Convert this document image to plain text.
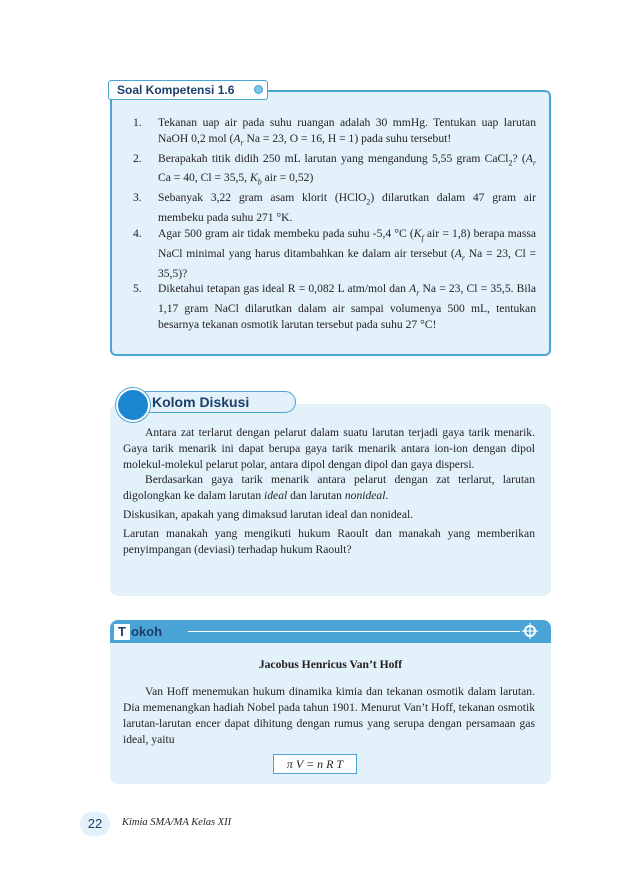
Soal Kompetensi 1.6
1. Tekanan uap air pada suhu ruangan adalah 30 mmHg. Tentukan uap larutan NaOH 0,2 mol ($A_r$ Na = 23, O = 16, H = 1) pada suhu tersebut!
2. Berapakah titik didih 250 mL larutan yang mengandung 5,55 gram CaCl$_2$? ($A_r$ Ca = 40, Cl = 35,5, $K_b$ air = 0,52)
3. Sebanyak 3,22 gram asam klorit (HClO$_2$) dilarutkan dalam 47 gram air membeku pada suhu 271 °K.
4. Agar 500 gram air tidak membeku pada suhu -5,4 °C ($K_f$ air = 1,8) berapa massa NaCl minimal yang harus ditambahkan ke dalam air tersebut ($A_r$ Na = 23, Cl = 35,5)?
5. Diketahui tetapan gas ideal R = 0,082 L atm/mol dan $A_r$ Na = 23, Cl = 35,5. Bila 1,17 gram NaCl dilarutkan dalam air sampai volumenya 500 mL, tentukan besarnya tekanan osmotik larutan tersebut pada suhu 27 °C!
Kolom Diskusi

Antara zat terlarut dengan pelarut dalam suatu larutan terjadi gaya tarik menarik. Gaya tarik menarik ini dapat berupa gaya tarik menarik antara ion-ion dengan dipol molekul-molekul pelarut polar, antara dipol dengan dipol dan gaya dispersi.

Berdasarkan gaya tarik menarik antara pelarut dengan zat terlarut, larutan digolongkan ke dalam larutan ideal dan larutan nonideal.

Diskusikan, apakah yang dimaksud larutan ideal dan nonideal.

Larutan manakah yang mengikuti hukum Raoult dan manakah yang memberikan penyimpangan (deviasi) terhadap hukum Raoult?

T okoh
Jacobus Henricus Van’t Hoff

Van Hoff menemukan hukum dinamika kimia dan tekanan osmotik dalam larutan. Dia memenangkan hadiah Nobel pada tahun 1901. Menurut Van’t Hoff, tekanan osmotik larutan-larutan encer dapat dihitung dengan rumus yang serupa dengan persamaan gas ideal, yaitu

π V = n R T
22	Kimia SMA/MA Kelas XII
